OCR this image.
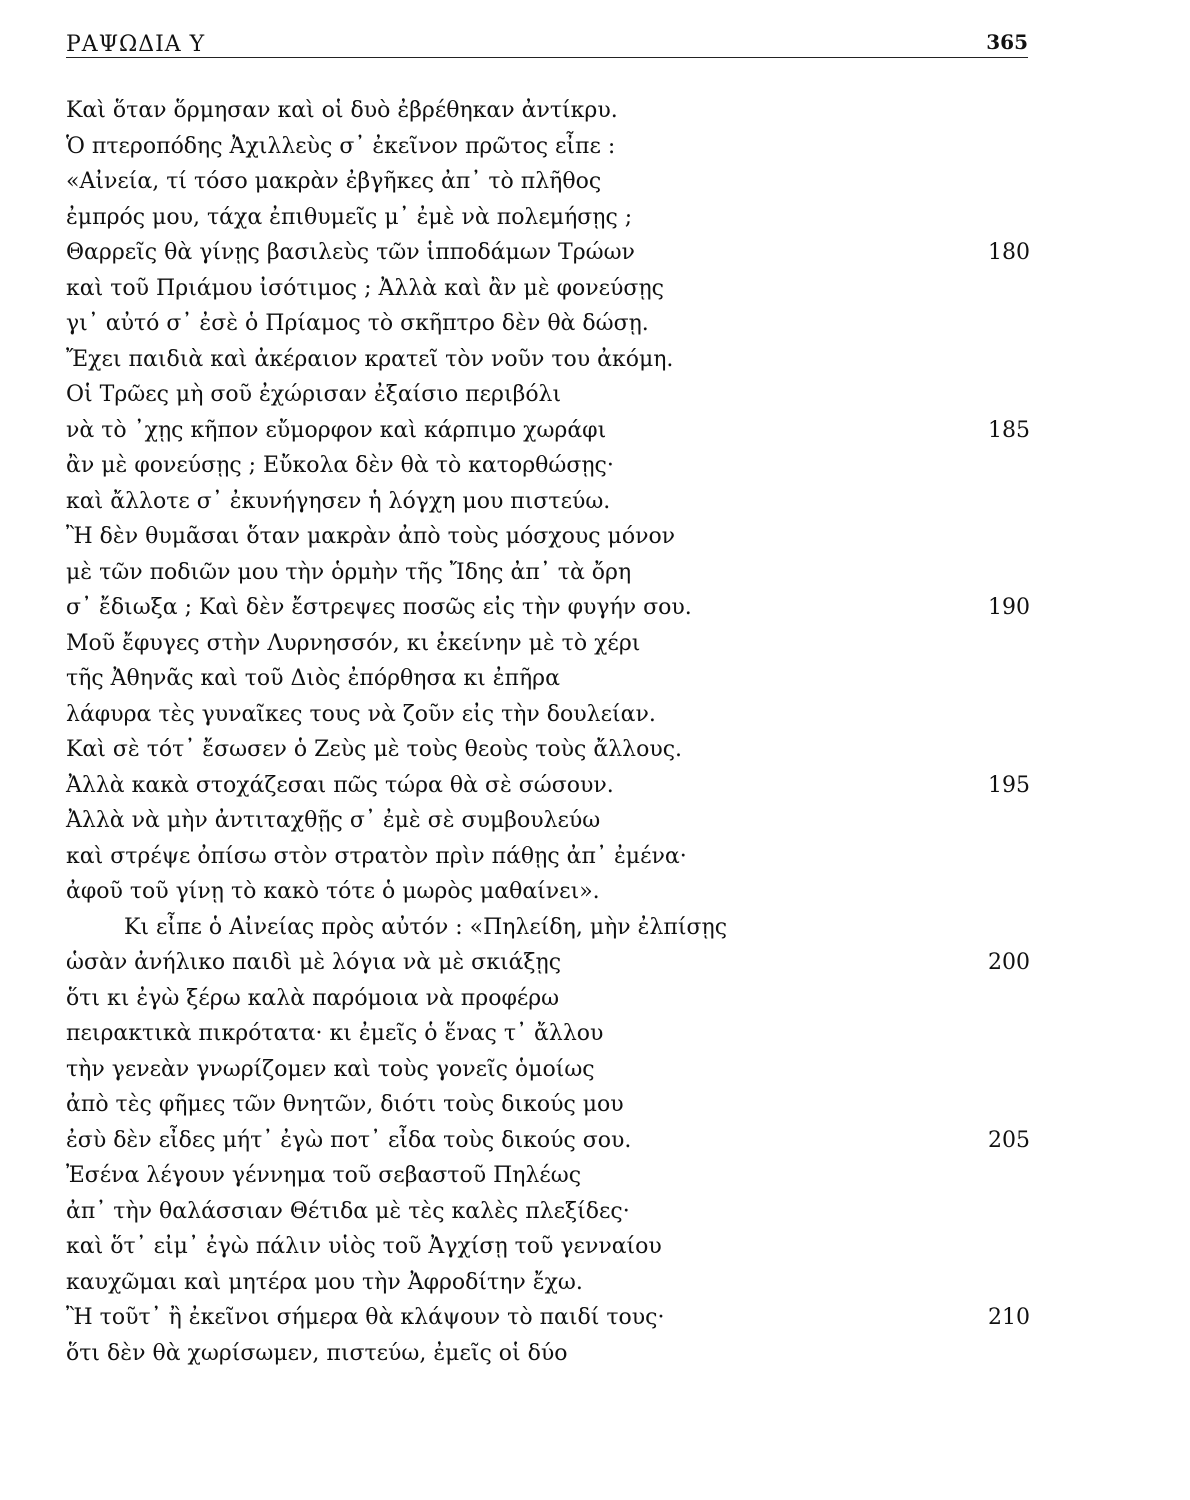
ΡΑΨΩΔΙΑ Υ	365
Καὶ ὅταν ὅρμησαν καὶ οἱ δυὸ ἐβρέθηκαν ἀντίκρυ.
Ὁ πτεροπόδης Ἀχιλλεὺς σ᾽ ἐκεῖνον πρῶτος εἶπε :
«Αἰνεία, τί τόσο μακρὰν ἐβγῆκες ἀπ᾽ τὸ πλῆθος
ἐμπρός μου, τάχα ἐπιθυμεῖς μ᾽ ἐμὲ νὰ πολεμήσῃς ;
Θαρρεῖς θὰ γίνῃς βασιλεὺς τῶν ἱπποδάμων Τρώων	180
καὶ τοῦ Πριάμου ἰσότιμος ; Ἀλλὰ καὶ ἂν μὲ φονεύσῃς
γι᾽ αὐτό σ᾽ ἐσὲ ὁ Πρίαμος τὸ σκῆπτρο δὲν θὰ δώσῃ.
Ἔχει παιδιὰ καὶ ἀκέραιον κρατεῖ τὸν νοῦν του ἀκόμη.
Οἱ Τρῶες μὴ σοῦ ἐχώρισαν ἐξαίσιο περιβόλι
νὰ τὸ ᾽χῃς κῆπον εὔμορφον καὶ κάρπιμο χωράφι	185
ἂν μὲ φονεύσῃς ; Εὔκολα δὲν θὰ τὸ κατορθώσῃς·
καὶ ἄλλοτε σ᾽ ἐκυνήγησεν ἡ λόγχη μου πιστεύω.
Ἢ δὲν θυμᾶσαι ὅταν μακρὰν ἀπὸ τοὺς μόσχους μόνον
μὲ τῶν ποδιῶν μου τὴν ὁρμὴν τῆς Ἴδης ἀπ᾽ τὰ ὄρη
σ᾽ ἔδιωξα ; Καὶ δὲν ἔστρεψες ποσῶς εἰς τὴν φυγήν σου.	190
Μοῦ ἔφυγες στὴν Λυρνησσόν, κι ἐκείνην μὲ τὸ χέρι
τῆς Ἀθηνᾶς καὶ τοῦ Διὸς ἐπόρθησα κι ἐπῆρα
λάφυρα τὲς γυναῖκες τους νὰ ζοῦν εἰς τὴν δουλείαν.
Καὶ σὲ τότ᾽ ἔσωσεν ὁ Ζεὺς μὲ τοὺς θεοὺς τοὺς ἄλλους.
Ἀλλὰ κακὰ στοχάζεσαι πῶς τώρα θὰ σὲ σώσουν.	195
Ἀλλὰ νὰ μὴν ἀντιταχθῇς σ᾽ ἐμὲ σὲ συμβουλεύω
καὶ στρέψε ὀπίσω στὸν στρατὸν πρὶν πάθῃς ἀπ᾽ ἐμένα·
ἀφοῦ τοῦ γίνῃ τὸ κακὸ τότε ὁ μωρὸς μαθαίνει».
Κι εἶπε ὁ Αἰνείας πρὸς αὐτόν : «Πηλείδη, μὴν ἐλπίσῃς
ὡσὰν ἀνήλικο παιδὶ μὲ λόγια νὰ μὲ σκιάξῃς	200
ὅτι κι ἐγὼ ξέρω καλὰ παρόμοια νὰ προφέρω
πειρακτικὰ πικρότατα· κι ἐμεῖς ὁ ἕνας τ᾽ ἄλλου
τὴν γενεὰν γνωρίζομεν καὶ τοὺς γονεῖς ὁμοίως
ἀπὸ τὲς φῆμες τῶν θνητῶν, διότι τοὺς δικούς μου
ἐσὺ δὲν εἶδες μήτ᾽ ἐγὼ ποτ᾽ εἶδα τοὺς δικούς σου.	205
Ἐσένα λέγουν γέννημα τοῦ σεβαστοῦ Πηλέως
ἀπ᾽ τὴν θαλάσσιαν Θέτιδα μὲ τὲς καλὲς πλεξίδες·
καὶ ὅτ᾽ εἰμ᾽ ἐγὼ πάλιν υἱὸς τοῦ Ἀγχίσῃ τοῦ γενναίου
καυχῶμαι καὶ μητέρα μου τὴν Ἀφροδίτην ἔχω.
Ἢ τοῦτ᾽ ἢ ἐκεῖνοι σήμερα θὰ κλάψουν τὸ παιδί τους·	210
ὅτι δὲν θὰ χωρίσωμεν, πιστεύω, ἐμεῖς οἱ δύο
